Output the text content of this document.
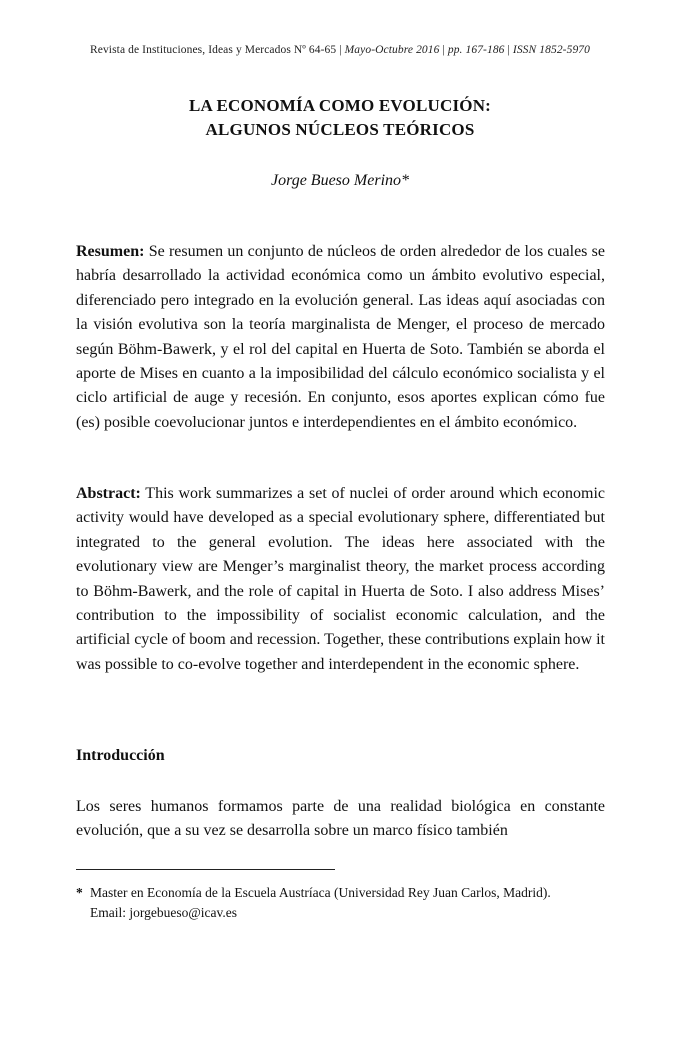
Revista de Instituciones, Ideas y Mercados Nº 64-65 | Mayo-Octubre 2016 | pp. 167-186 | ISSN 1852-5970
LA ECONOMÍA COMO EVOLUCIÓN:
ALGUNOS NÚCLEOS TEÓRICOS
Jorge Bueso Merino*
Resumen: Se resumen un conjunto de núcleos de orden alrededor de los cuales se habría desarrollado la actividad económica como un ámbito evolutivo especial, diferenciado pero integrado en la evolución general. Las ideas aquí asociadas con la visión evolutiva son la teoría marginalista de Menger, el proceso de mercado según Böhm-Bawerk, y el rol del capital en Huerta de Soto. También se aborda el aporte de Mises en cuanto a la imposibilidad del cálculo económico socialista y el ciclo artificial de auge y recesión. En conjunto, esos aportes explican cómo fue (es) posible coevolucionar juntos e interdependientes en el ámbito económico.
Abstract: This work summarizes a set of nuclei of order around which economic activity would have developed as a special evolutionary sphere, differentiated but integrated to the general evolution. The ideas here associated with the evolutionary view are Menger’s marginalist theory, the market process according to Böhm-Bawerk, and the role of capital in Huerta de Soto. I also address Mises’ contribution to the impossibility of socialist economic calculation, and the artificial cycle of boom and recession. Together, these contributions explain how it was possible to co-evolve together and interdependent in the economic sphere.
Introducción
Los seres humanos formamos parte de una realidad biológica en constante evolución, que a su vez se desarrolla sobre un marco físico también
* Master en Economía de la Escuela Austríaca (Universidad Rey Juan Carlos, Madrid).
Email: jorgebueso@icav.es
